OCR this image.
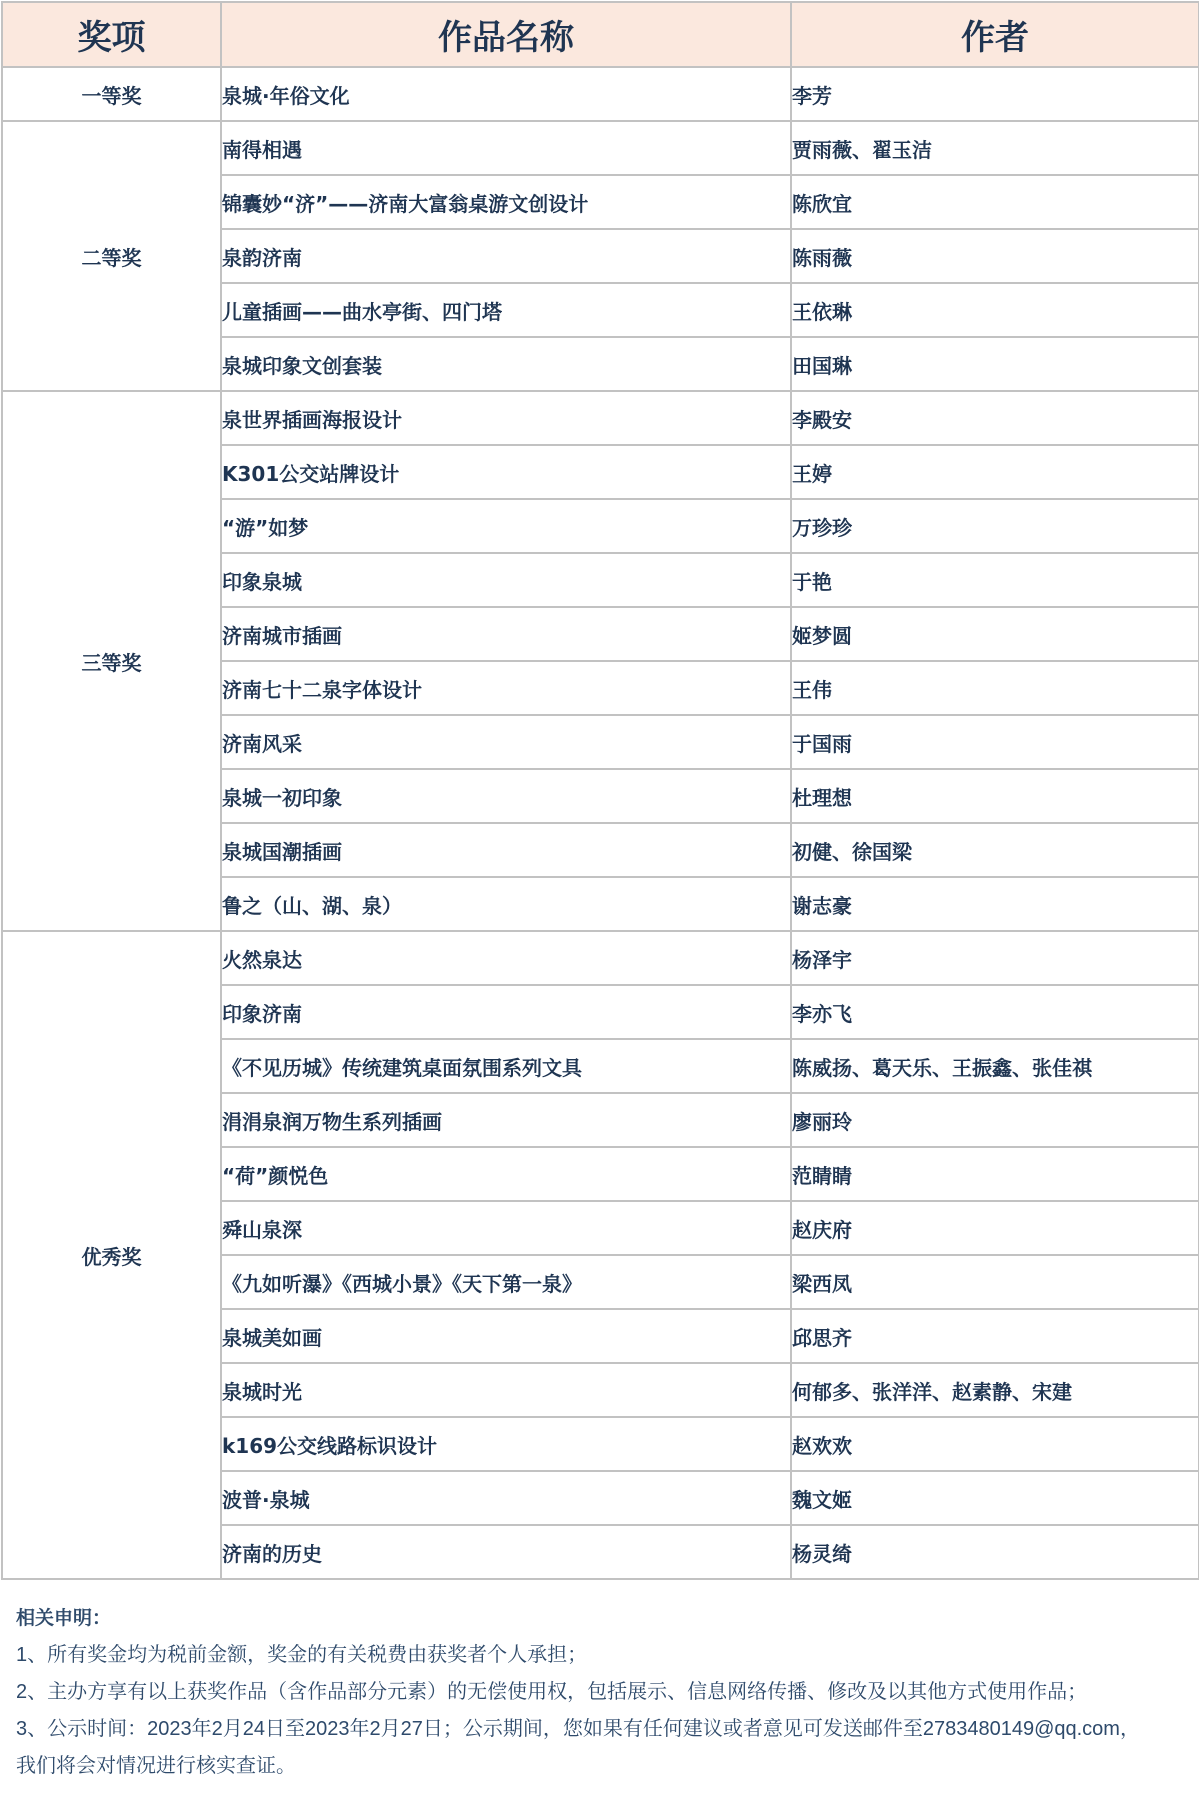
奖项	作品名称	作者
一等奖	泉城·年俗文化	李芳
二等奖	南得相遇	贾雨薇、翟玉洁
	锦囊妙“济”——济南大富翁桌游文创设计	陈欣宜
	泉韵济南	陈雨薇
	儿童插画——曲水亭街、四门塔	王依琳
	泉城印象文创套装	田国琳
三等奖	泉世界插画海报设计	李殿安
	K301公交站牌设计	王婷
	“游”如梦	万珍珍
	印象泉城	于艳
	济南城市插画	姬梦圆
	济南七十二泉字体设计	王伟
	济南风采	于国雨
	泉城一初印象	杜理想
	泉城国潮插画	初健、徐国梁
	鲁之（山、湖、泉）	谢志豪
优秀奖	火然泉达	杨泽宇
	印象济南	李亦飞
	《不见历城》传统建筑桌面氛围系列文具	陈威扬、葛天乐、王振鑫、张佳祺
	涓涓泉润万物生系列插画	廖丽玲
	“荷”颜悦色	范睛睛
	舜山泉深	赵庆府
	《九如听瀑》《西城小景》《天下第一泉》	梁西凤
	泉城美如画	邱思齐
	泉城时光	何郁多、张洋洋、赵素静、宋建
	k169公交线路标识设计	赵欢欢
	波普·泉城	魏文姬
	济南的历史	杨灵绮

相关申明：

1、所有奖金均为税前金额，奖金的有关税费由获奖者个人承担；

2、主办方享有以上获奖作品（含作品部分元素）的无偿使用权，包括展示、信息网络传播、修改及以其他方式使用作品；

3、公示时间：2023年2月24日至2023年2月27日；公示期间，您如果有任何建议或者意见可发送邮件至2783480149@qq.com，

我们将会对情况进行核实查证。
